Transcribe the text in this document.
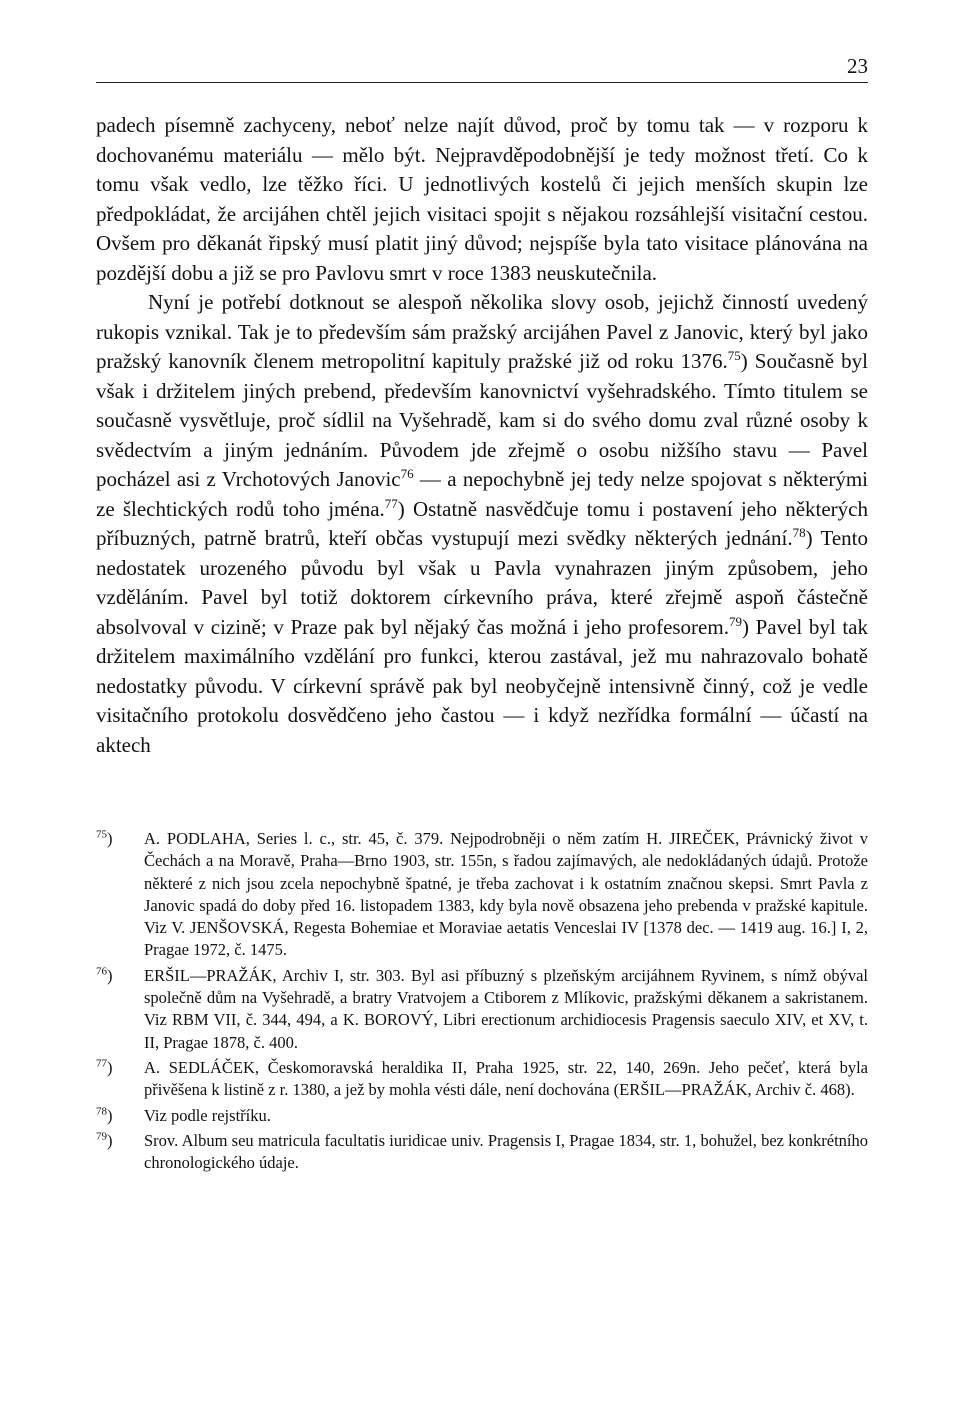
23

padech písemně zachyceny, neboť nelze najít důvod, proč by tomu tak — v rozporu k dochovanému materiálu — mělo být. Nejpravděpodobnější je tedy možnost třetí. Co k tomu však vedlo, lze těžko říci. U jednotlivých kostelů či jejich menších skupin lze předpokládat, že arcijáhen chtěl jejich visitaci spojit s nějakou rozsáhlejší visitační cestou. Ovšem pro děkanát řipský musí platit jiný důvod; nejspíše byla tato visitace plánována na pozdější dobu a již se pro Pavlovu smrt v roce 1383 neuskutečnila.

Nyní je potřebí dotknout se alespoň několika slovy osob, jejichž činností uvedený rukopis vznikal. Tak je to především sám pražský arcijáhen Pavel z Janovic, který byl jako pražský kanovník členem metropolitní kapituly pražské již od roku 1376.75) Současně byl však i držitelem jiných prebend, především kanovnictví vyšehradského. Tímto titulem se současně vysvětluje, proč sídlil na Vyšehradě, kam si do svého domu zval různé osoby k svědectvím a jiným jednáním. Původem jde zřejmě o osobu nižšího stavu — Pavel pocházel asi z Vrchotových Janovic$^{76}$ — a nepochybně jej tedy nelze spojovat s některými ze šlechtických rodů toho jména.$^{77}$) Ostatně nasvědčuje tomu i postavení jeho některých příbuzných, patrně bratrů, kteří občas vystupují mezi svědky některých jednání.$^{78}$) Tento nedostatek urozeného původu byl však u Pavla vynahrazen jiným způsobem, jeho vzděláním. Pavel byl totiž doktorem církevního práva, které zřejmě aspoň částečně absolvoval v cizině; v Praze pak byl nějaký čas možná i jeho profesorem.$^{79}$) Pavel byl tak držitelem maximálního vzdělání pro funkci, kterou zastával, jež mu nahrazovalo bohatě nedostatky původu. V církevní správě pak byl neobyčejně intensivně činný, což je vedle visitačního protokolu dosvědčeno jeho častou — i když nezřídka formální — účastí na aktech

$^{75}$)	A. PODLAHA, Series l. c., str. 45, č. 379. Nejpodrobněji o něm zatím H. JIREČEK, Právnický život v Čechách a na Moravě, Praha—Brno 1903, str. 155n, s řadou zajímavých, ale nedokládaných údajů. Protože některé z nich jsou zcela nepochybně špatné, je třeba zachovat i k ostatním značnou skepsi. Smrt Pavla z Janovic spadá do doby před 16. listopadem 1383, kdy byla nově obsazena jeho prebenda v pražské kapitule. Viz V. JENŠOVSKÁ, Regesta Bohemiae et Moraviae aetatis Venceslai IV [1378 dec. — 1419 aug. 16.] I, 2, Pragae 1972, č. 1475.
$^{76}$)	ERŠIL—PRAŽÁK, Archiv I, str. 303. Byl asi příbuzný s plzeňským arcijáhnem Ryvinem, s nímž obýval společně dům na Vyšehradě, a bratry Vratvojem a Ctiborem z Mlíkovic, pražskými děkanem a sakristanem. Viz RBM VII, č. 344, 494, a K. BOROVÝ, Libri erectionum archidiocesis Pragensis saeculo XIV, et XV, t. II, Pragae 1878, č. 400.
$^{77}$)	A. SEDLÁČEK, Českomoravská heraldika II, Praha 1925, str. 22, 140, 269n. Jeho pečeť, která byla přivěšena k listině z r. 1380, a jež by mohla vésti dále, není dochována (ERŠIL—PRAŽÁK, Archiv č. 468).
$^{78}$)	Viz podle rejstříku.
$^{79}$)	Srov. Album seu matricula facultatis iuridicae univ. Pragensis I, Pragae 1834, str. 1, bohužel, bez konkrétního chronologického údaje.
